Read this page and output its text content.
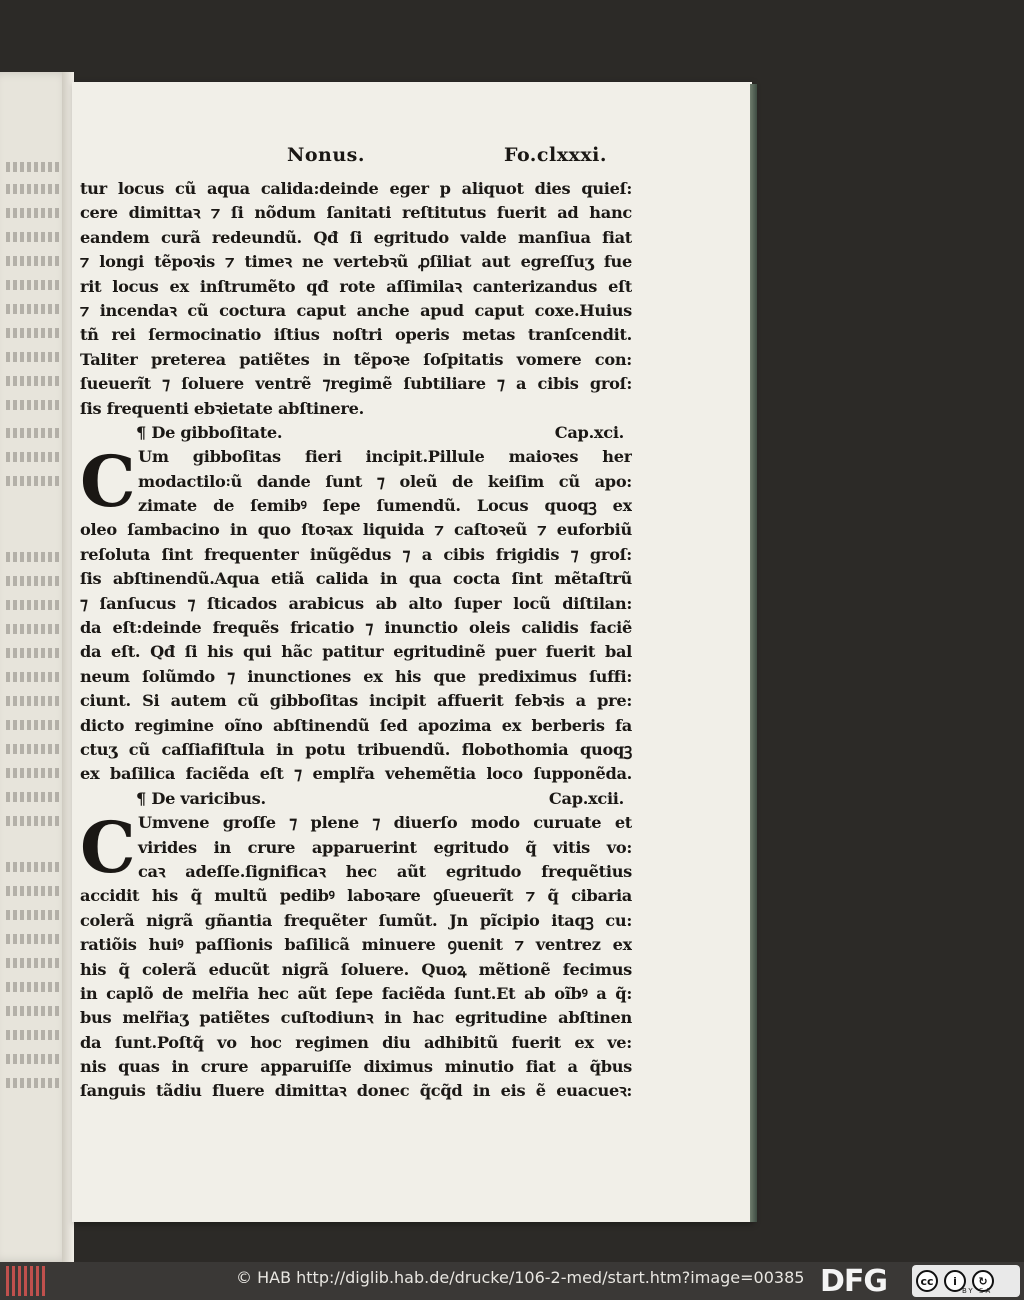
Nonus.	Fo.clxxxi.
tur locus cũ aqua calida:deinde eger p aliquot dies quieſ:
cere dimittaꝛ ⁊ ſi nõdum ſanitati reſtitutus fuerit ad hanc
eandem curã redeundũ. Qđ ſi egritudo valde manſiua fiat
⁊ longi tẽpoꝛis ⁊ timeꝛ ne vertebꝛũ ꝓſiliat aut egreſſuʒ fue
rit locus ex inſtrumẽto qđ rote aſſimilaꝛ canterizandus eſt
⁊ incendaꝛ cũ coctura caput anche apud caput coxe.Huius
tñ rei ſermocinatio iſtius noſtri operis metas tranſcendit.
Taliter preterea patiẽtes in tẽpoꝛe ſoſpitatis vomere con:
ſueuerĩt ⁊ ſoluere ventrẽ ⁊regimẽ ſubtiliare ⁊ a cibis groſ:
ſis frequenti ebꝛietate abſtinere.
¶ De gibboſitate.	Cap.xci.
C Um gibboſitas fieri incipit.Pillule maioꝛes her
modactilo꞉ũ dande ſunt ⁊ oleũ de keiſim cũ apo:
zimate de ſemibꝰ ſepe ſumendũ. Locus quoqꝫ ex
oleo ſambacino in quo ſtoꝛax liquida ⁊ caſtoꝛeũ ⁊ euforbiũ
reſoluta ſint frequenter inũgẽdus ⁊ a cibis frigidis ⁊ groſ:
ſis abſtinendũ.Aqua etiã calida in qua cocta ſint mẽtaſtrũ
⁊ ſanſucus ⁊ ſticados arabicus ab alto ſuper locũ diſtilan:
da eſt:deinde frequẽs fricatio ⁊ inunctio oleis calidis faciẽ
da eſt. Qđ ſi his qui hãc patitur egritudinẽ puer fuerit bal
neum ſolũmdo ⁊ inunctiones ex his que prediximus ſuffi:
ciunt. Si autem cũ gibboſitas incipit affuerit febꝛis a pre:
dicto regimine oĩno abſtinendũ ſed apozima ex berberis fa
ctuʒ cũ caſſiafiſtula in potu tribuendũ. flobothomia quoqꝫ
ex baſilica faciẽda eſt ⁊ emplr̃a vehemẽtia loco ſupponẽda.
¶ De varicibus.	Cap.xcii.
C Umvene groſſe ⁊ plene ⁊ diuerſo modo curuate et
virides in crure apparuerint egritudo q̃ vitis vo:
caꝛ adeſſe.ſignificaꝛ hec aũt egritudo frequẽtius
accidit his q̃ multũ pedibꝰ laboꝛare ꝯſueuerĩt ⁊ q̃ cibaria
colerã nigrã gñantia frequẽter ſumũt. Jn pĩcipio itaqꝫ cu:
ratiõis huiꝰ paſſionis baſilicã minuere ꝯuenit ⁊ ventrez ex
his q̃ colerã educũt nigrã ſoluere. Quoꝝ mẽtionẽ fecimus
in caplõ de melr̃ia hec aũt ſepe faciẽda ſunt.Et ab oĩbꝰ a q̃:
bus melr̃iaʒ patiẽtes cuſtodiunꝛ in hac egritudine abſtinen
da ſunt.Poſtq̃ vo hoc regimen diu adhibitũ fuerit ex ve:
nis quas in crure apparuiſſe diximus minutio fiat a q̃bus
ſanguis tãdiu fluere dimittaꝛ donec q̃cq̃d in eis ẽ euacueꝛ:
© HAB http://diglib.hab.de/drucke/106-2-med/start.htm?image=00385 DFG	cc	i	↻
BY SA
